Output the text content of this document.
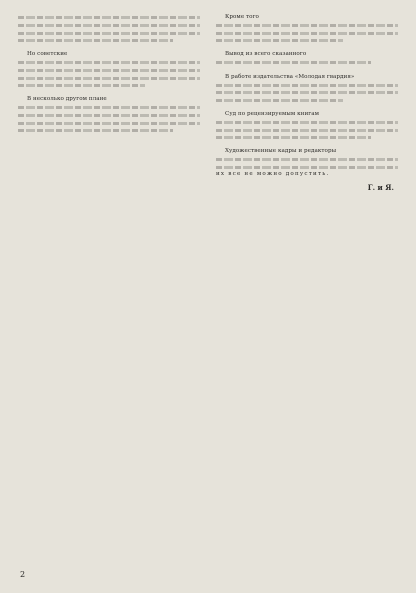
Но советские

В несколько другом плане

Кроме того

Вывод из всего сказанного

В работе издательства «Молодая гвардия»

Суд по рецензируемым книгам

Художественные кадры и редакторы

их все не можно допустить.
Г. и Я.
2
